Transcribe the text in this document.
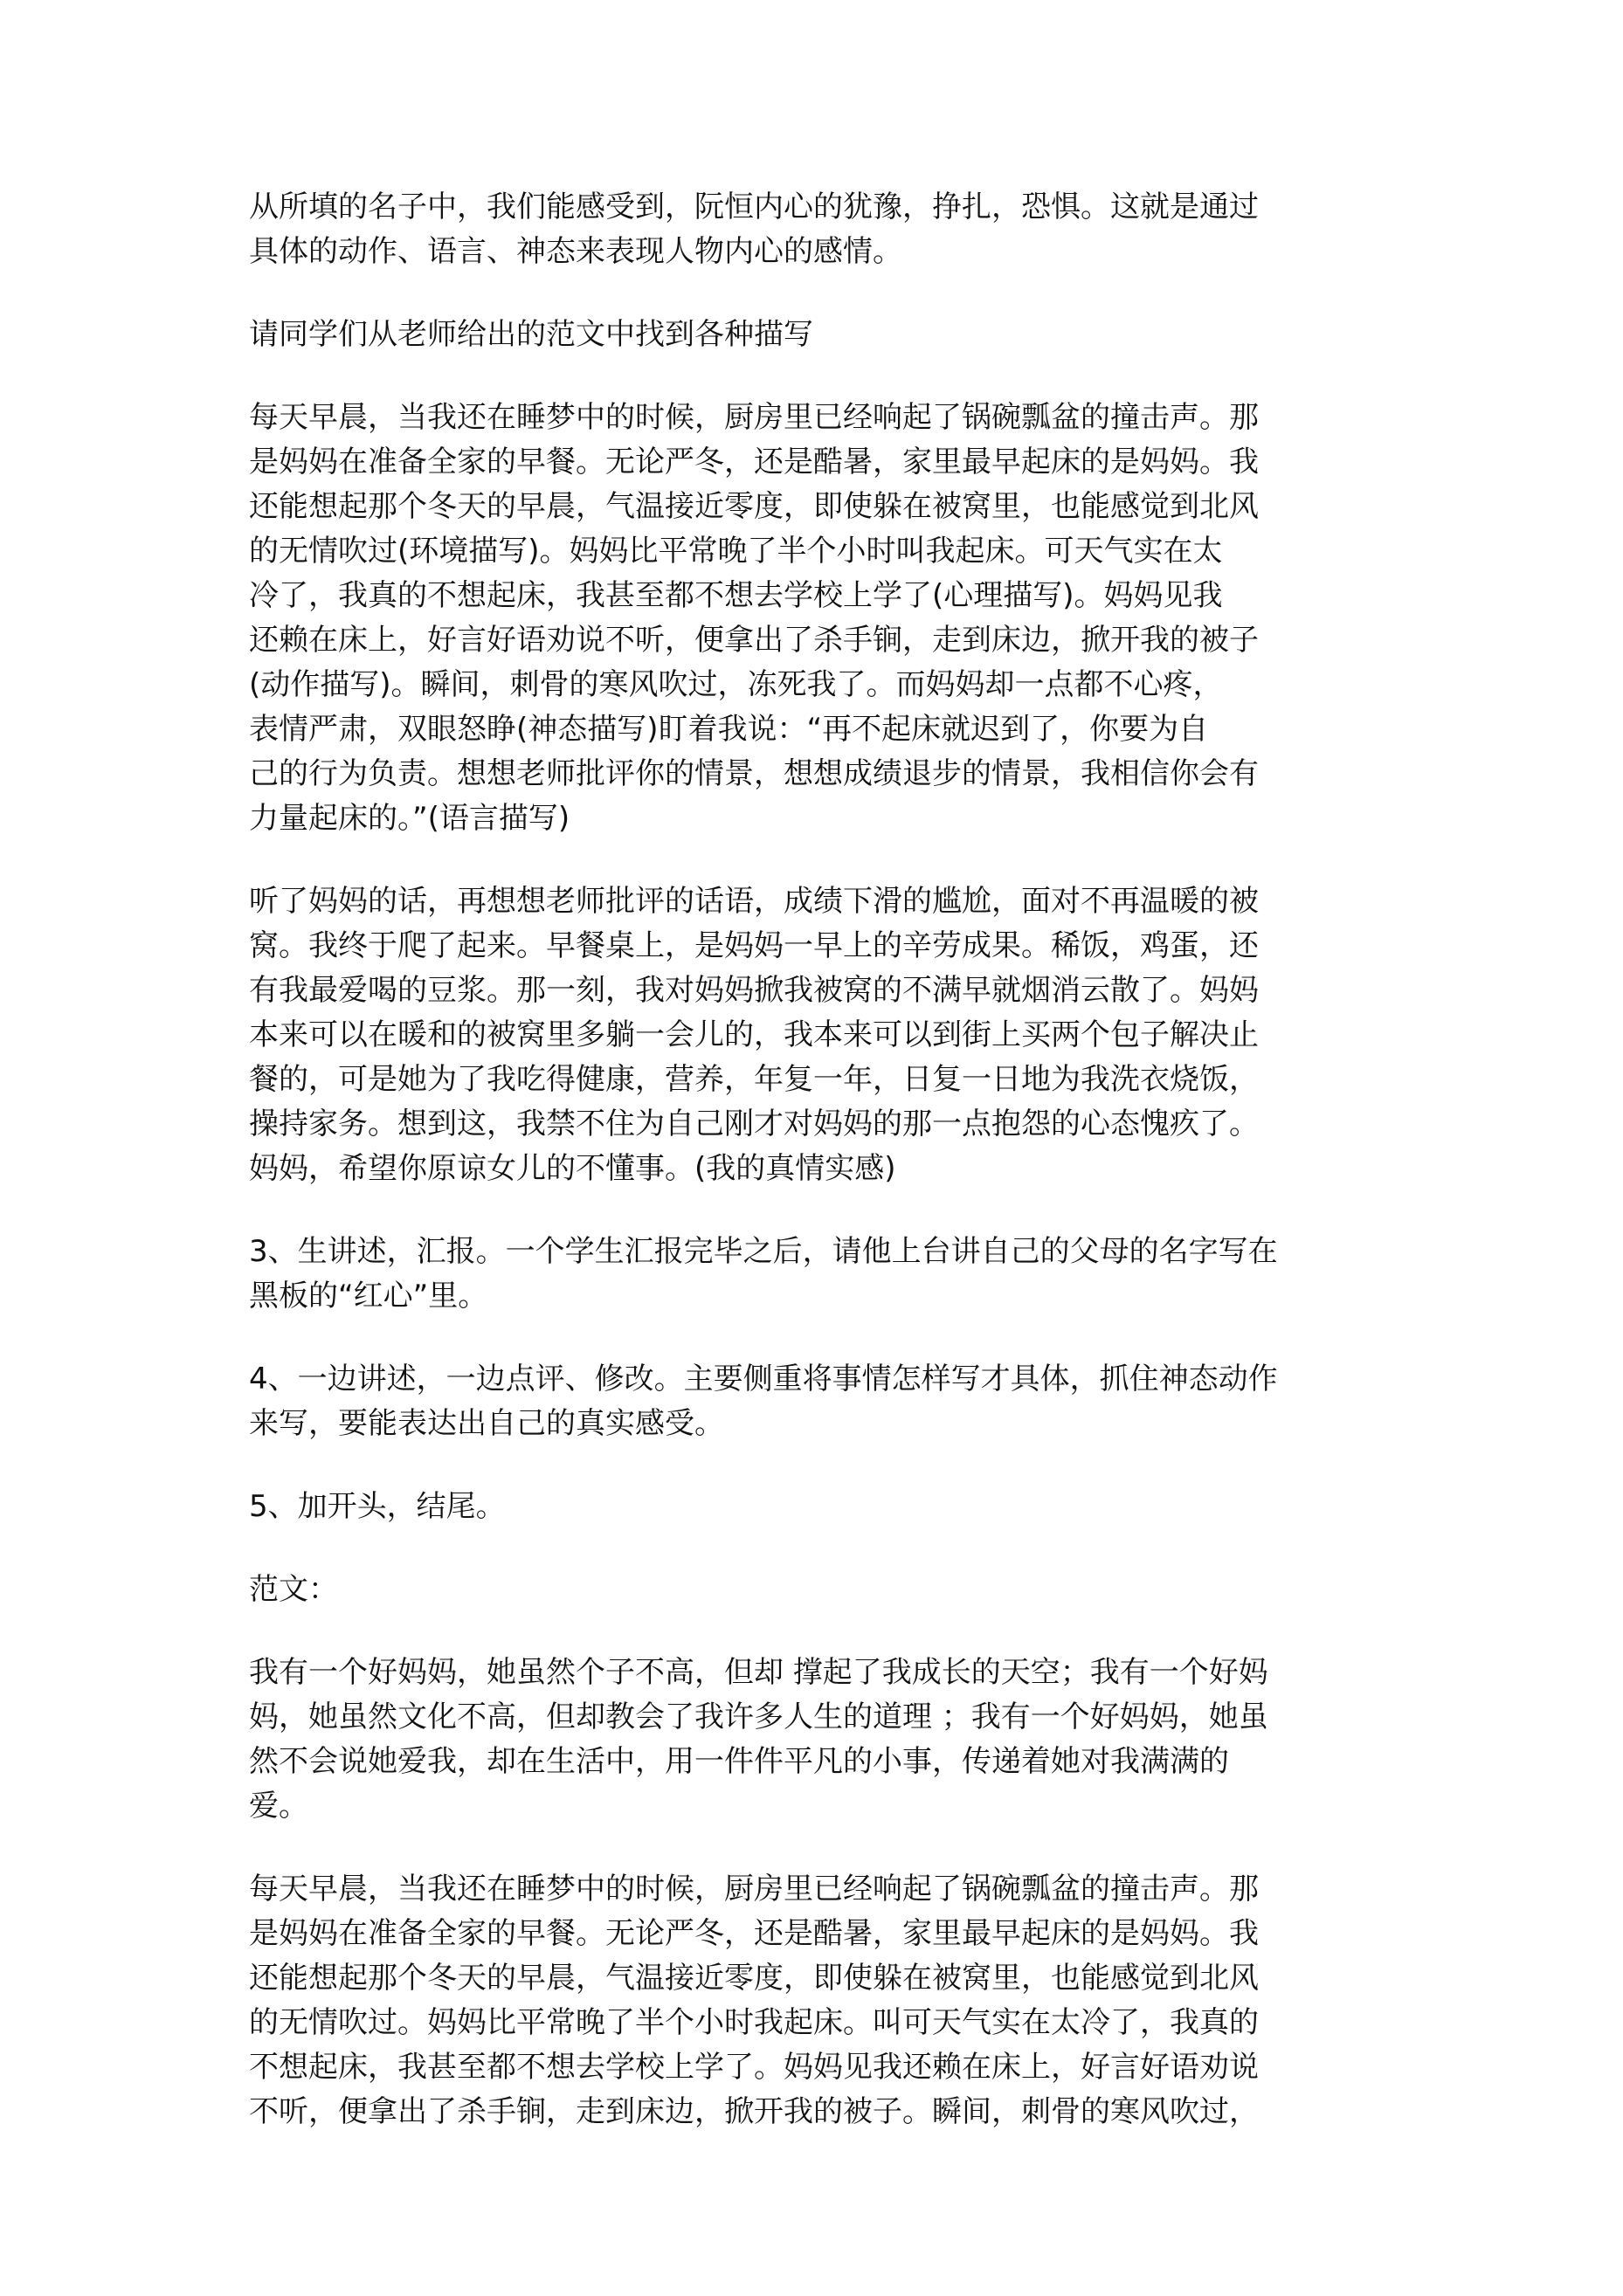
从所填的名子中，我们能感受到，阮恒内心的犹豫，挣扎，恐惧。这就是通过
具体的动作、语言、神态来表现人物内心的感情。
请同学们从老师给出的范文中找到各种描写
每天早晨，当我还在睡梦中的时候，厨房里已经响起了锅碗瓢盆的撞击声。那
是妈妈在准备全家的早餐。无论严冬，还是酷暑，家里最早起床的是妈妈。我
还能想起那个冬天的早晨，气温接近零度，即使躲在被窝里，也能感觉到北风
的无情吹过(环境描写)。妈妈比平常晚了半个小时叫我起床。可天气实在太
冷了，我真的不想起床，我甚至都不想去学校上学了(心理描写)。妈妈见我
还赖在床上，好言好语劝说不听，便拿出了杀手锏，走到床边，掀开我的被子
(动作描写)。瞬间，刺骨的寒风吹过，冻死我了。而妈妈却一点都不心疼，
表情严肃，双眼怒睁(神态描写)盯着我说：“再不起床就迟到了，你要为自
己的行为负责。想想老师批评你的情景，想想成绩退步的情景，我相信你会有
力量起床的。”(语言描写)
听了妈妈的话，再想想老师批评的话语，成绩下滑的尴尬，面对不再温暖的被
窝。我终于爬了起来。早餐桌上，是妈妈一早上的辛劳成果。稀饭，鸡蛋，还
有我最爱喝的豆浆。那一刻，我对妈妈掀我被窝的不满早就烟消云散了。妈妈
本来可以在暖和的被窝里多躺一会儿的，我本来可以到街上买两个包子解决止
餐的，可是她为了我吃得健康，营养，年复一年，日复一日地为我洗衣烧饭，
操持家务。想到这，我禁不住为自己刚才对妈妈的那一点抱怨的心态愧疚了。
妈妈，希望你原谅女儿的不懂事。(我的真情实感)
3、生讲述，汇报。一个学生汇报完毕之后，请他上台讲自己的父母的名字写在
黑板的“红心”里。
4、一边讲述，一边点评、修改。主要侧重将事情怎样写才具体，抓住神态动作
来写，要能表达出自己的真实感受。
5、加开头，结尾。
范文：
我有一个好妈妈，她虽然个子不高，但却 撑起了我成长的天空；我有一个好妈
妈，她虽然文化不高，但却教会了我许多人生的道理 ；我有一个好妈妈，她虽
然不会说她爱我，却在生活中，用一件件平凡的小事，传递着她对我满满的
爱。
每天早晨，当我还在睡梦中的时候，厨房里已经响起了锅碗瓢盆的撞击声。那
是妈妈在准备全家的早餐。无论严冬，还是酷暑，家里最早起床的是妈妈。我
还能想起那个冬天的早晨，气温接近零度，即使躲在被窝里，也能感觉到北风
的无情吹过。妈妈比平常晚了半个小时我起床。叫可天气实在太冷了，我真的
不想起床，我甚至都不想去学校上学了。妈妈见我还赖在床上，好言好语劝说
不听，便拿出了杀手锏，走到床边，掀开我的被子。瞬间，刺骨的寒风吹过，
